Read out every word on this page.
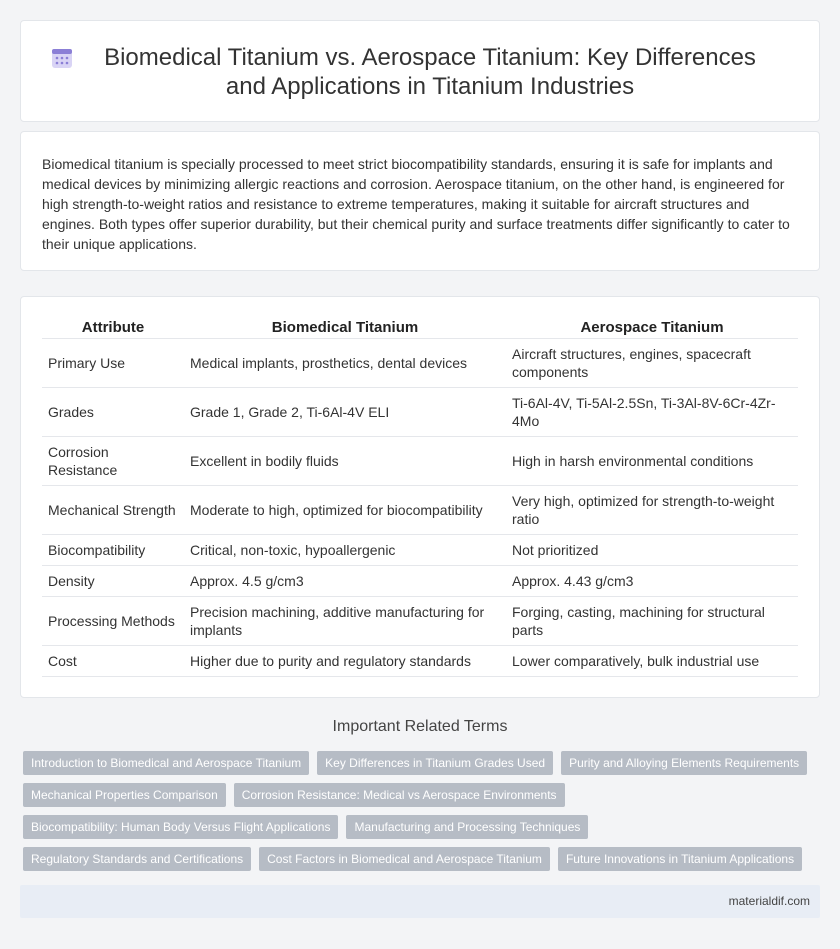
Biomedical Titanium vs. Aerospace Titanium: Key Differences and Applications in Titanium Industries

Biomedical titanium is specially processed to meet strict biocompatibility standards, ensuring it is safe for implants and medical devices by minimizing allergic reactions and corrosion. Aerospace titanium, on the other hand, is engineered for high strength-to-weight ratios and resistance to extreme temperatures, making it suitable for aircraft structures and engines. Both types offer superior durability, but their chemical purity and surface treatments differ significantly to cater to their unique applications.

Attribute	Biomedical Titanium	Aerospace Titanium
Primary Use	Medical implants, prosthetics, dental devices	Aircraft structures, engines, spacecraft components
Grades	Grade 1, Grade 2, Ti-6Al-4V ELI	Ti-6Al-4V, Ti-5Al-2.5Sn, Ti-3Al-8V-6Cr-4Zr-4Mo
Corrosion Resistance	Excellent in bodily fluids	High in harsh environmental conditions
Mechanical Strength	Moderate to high, optimized for biocompatibility	Very high, optimized for strength-to-weight ratio
Biocompatibility	Critical, non-toxic, hypoallergenic	Not prioritized
Density	Approx. 4.5 g/cm3	Approx. 4.43 g/cm3
Processing Methods	Precision machining, additive manufacturing for implants	Forging, casting, machining for structural parts
Cost	Higher due to purity and regulatory standards	Lower comparatively, bulk industrial use
Important Related Terms
Introduction to Biomedical and Aerospace Titanium	Key Differences in Titanium Grades Used	Purity and Alloying Elements Requirements
Mechanical Properties Comparison	Corrosion Resistance: Medical vs Aerospace Environments
Biocompatibility: Human Body Versus Flight Applications	Manufacturing and Processing Techniques
Regulatory Standards and Certifications	Cost Factors in Biomedical and Aerospace Titanium	Future Innovations in Titanium Applications
materialdif.com
